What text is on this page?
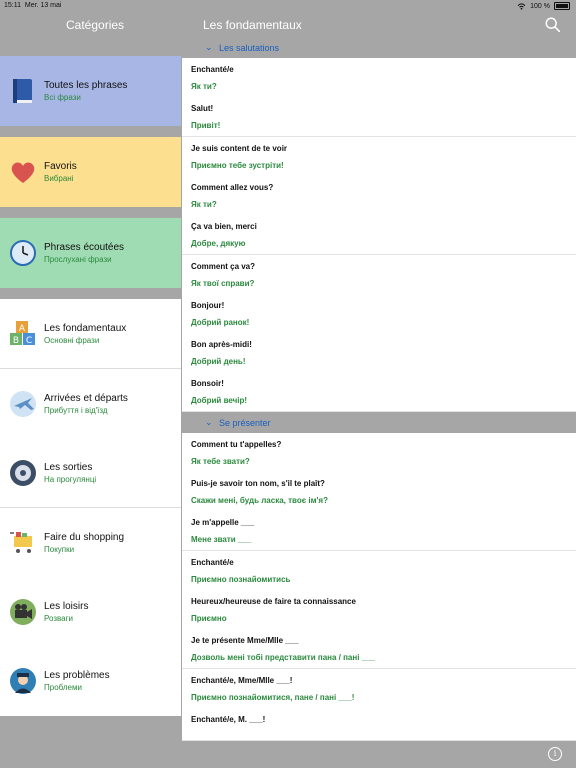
15:11 Mer. 13 mai	100 %
Catégories	Les fondamentaux
Toutes les phrases
Всі фрази
Favoris
Вибрані
Phrases écoutées
Прослухані фрази
A
B C
Les fondamentaux
Основні фрази
Arrivées et départs
Прибуття і від'їзд
Les sorties
На прогулянці
Faire du shopping
Покупки
Les loisirs
Розваги
Les problèmes
Проблеми
⌄ Les salutations
Enchanté/e
Як ти?
Salut!
Привіт!
Je suis content de te voir
Приємно тебе зустріти!
Comment allez vous?
Як ти?
Ça va bien, merci
Добре, дякую
Comment ça va?
Як твої справи?
Bonjour!
Добрий ранок!
Bon après-midi!
Добрий день!
Bonsoir!
Добрий вечір!
⌄ Se présenter
Comment tu t'appelles?
Як тебе звати?
Puis-je savoir ton nom, s'il te plaît?
Скажи мені, будь ласка, твоє ім'я?
Je m'appelle ___
Мене звати ___
Enchanté/e
Приємно познайомитись
Heureux/heureuse de faire ta connaissance
Приємно
Je te présente Mme/Mlle ___
Дозволь мені тобі представити пана / пані ___
Enchanté/e, Mme/Mlle ___!
Приємно познайомитися, пане / пані ___!
Enchanté/e, M. ___!
i
